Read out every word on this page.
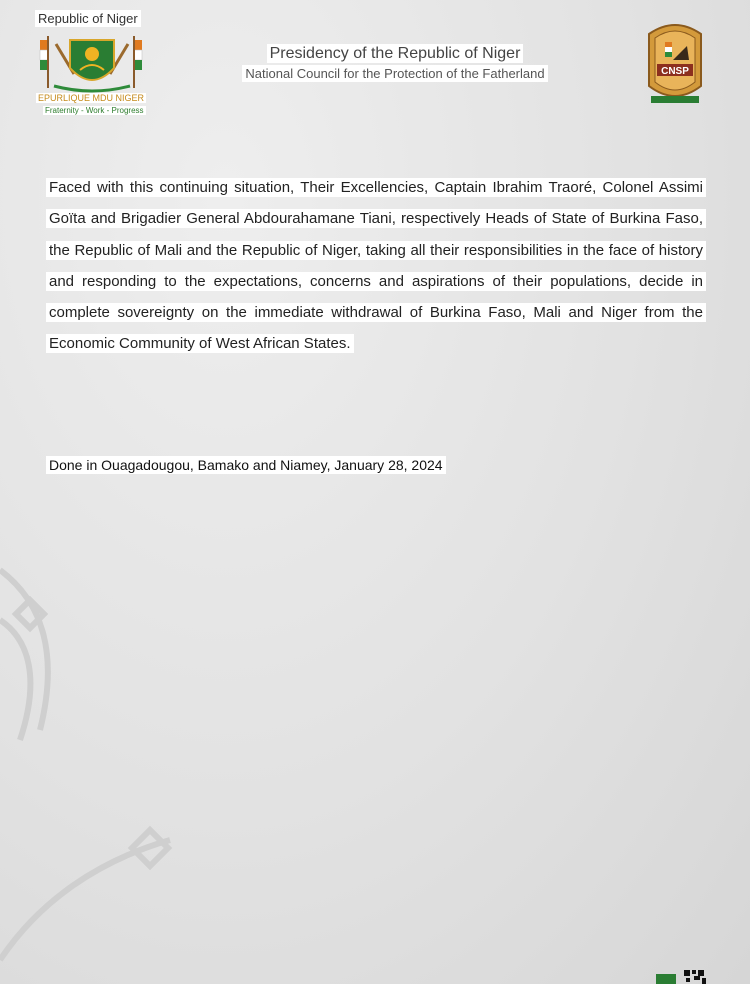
Republic of Niger
EPURLIQUE MDU NIGER
Fraternity - Work - Progress
Presidency of the Republic of Niger
National Council for the Protection of the Fatherland	CNSP
Faced with this continuing situation, Their Excellencies, Captain Ibrahim Traoré, Colonel Assimi Goïta and Brigadier General Abdourahamane Tiani, respectively Heads of State of Burkina Faso, the Republic of Mali and the Republic of Niger, taking all their responsibilities in the face of history and responding to the expectations, concerns and aspirations of their populations, decide in complete sovereignty on the immediate withdrawal of Burkina Faso, Mali and Niger from the Economic Community of West African States.
Done in Ouagadougou, Bamako and Niamey, January 28, 2024
